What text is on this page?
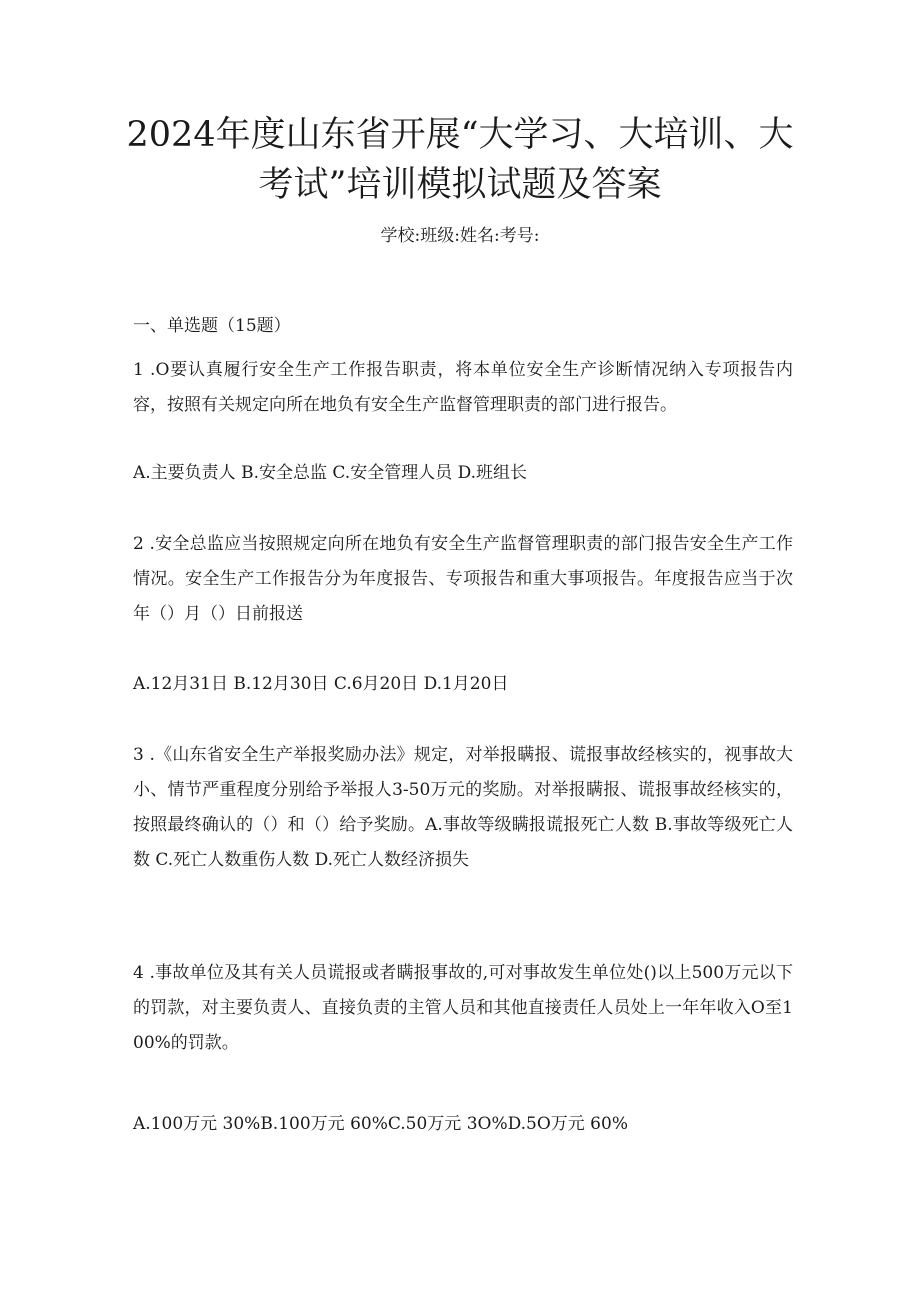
2024年度山东省开展“大学习、大培训、大考试”培训模拟试题及答案
学校:班级:姓名:考号:
一、单选题（15题）
1 .O要认真履行安全生产工作报告职责，将本单位安全生产诊断情况纳入专项报告内容，按照有关规定向所在地负有安全生产监督管理职责的部门进行报告。
A.主要负责人 B.安全总监 C.安全管理人员 D.班组长
2 .安全总监应当按照规定向所在地负有安全生产监督管理职责的部门报告安全生产工作情况。安全生产工作报告分为年度报告、专项报告和重大事项报告。年度报告应当于次年（）月（）日前报送
A.12月31日 B.12月30日 C.6月20日 D.1月20日
3 .《山东省安全生产举报奖励办法》规定，对举报瞒报、谎报事故经核实的，视事故大小、情节严重程度分别给予举报人3-50万元的奖励。对举报瞒报、谎报事故经核实的，按照最终确认的（）和（）给予奖励。A.事故等级瞒报谎报死亡人数 B.事故等级死亡人数 C.死亡人数重伤人数 D.死亡人数经济损失
4 .事故单位及其有关人员谎报或者瞒报事故的,可对事故发生单位处()以上500万元以下的罚款，对主要负责人、直接负责的主管人员和其他直接责任人员处上一年年收入O至100%的罚款。
A.100万元 30%B.100万元 60%C.50万元 3O%D.5O万元 60%
